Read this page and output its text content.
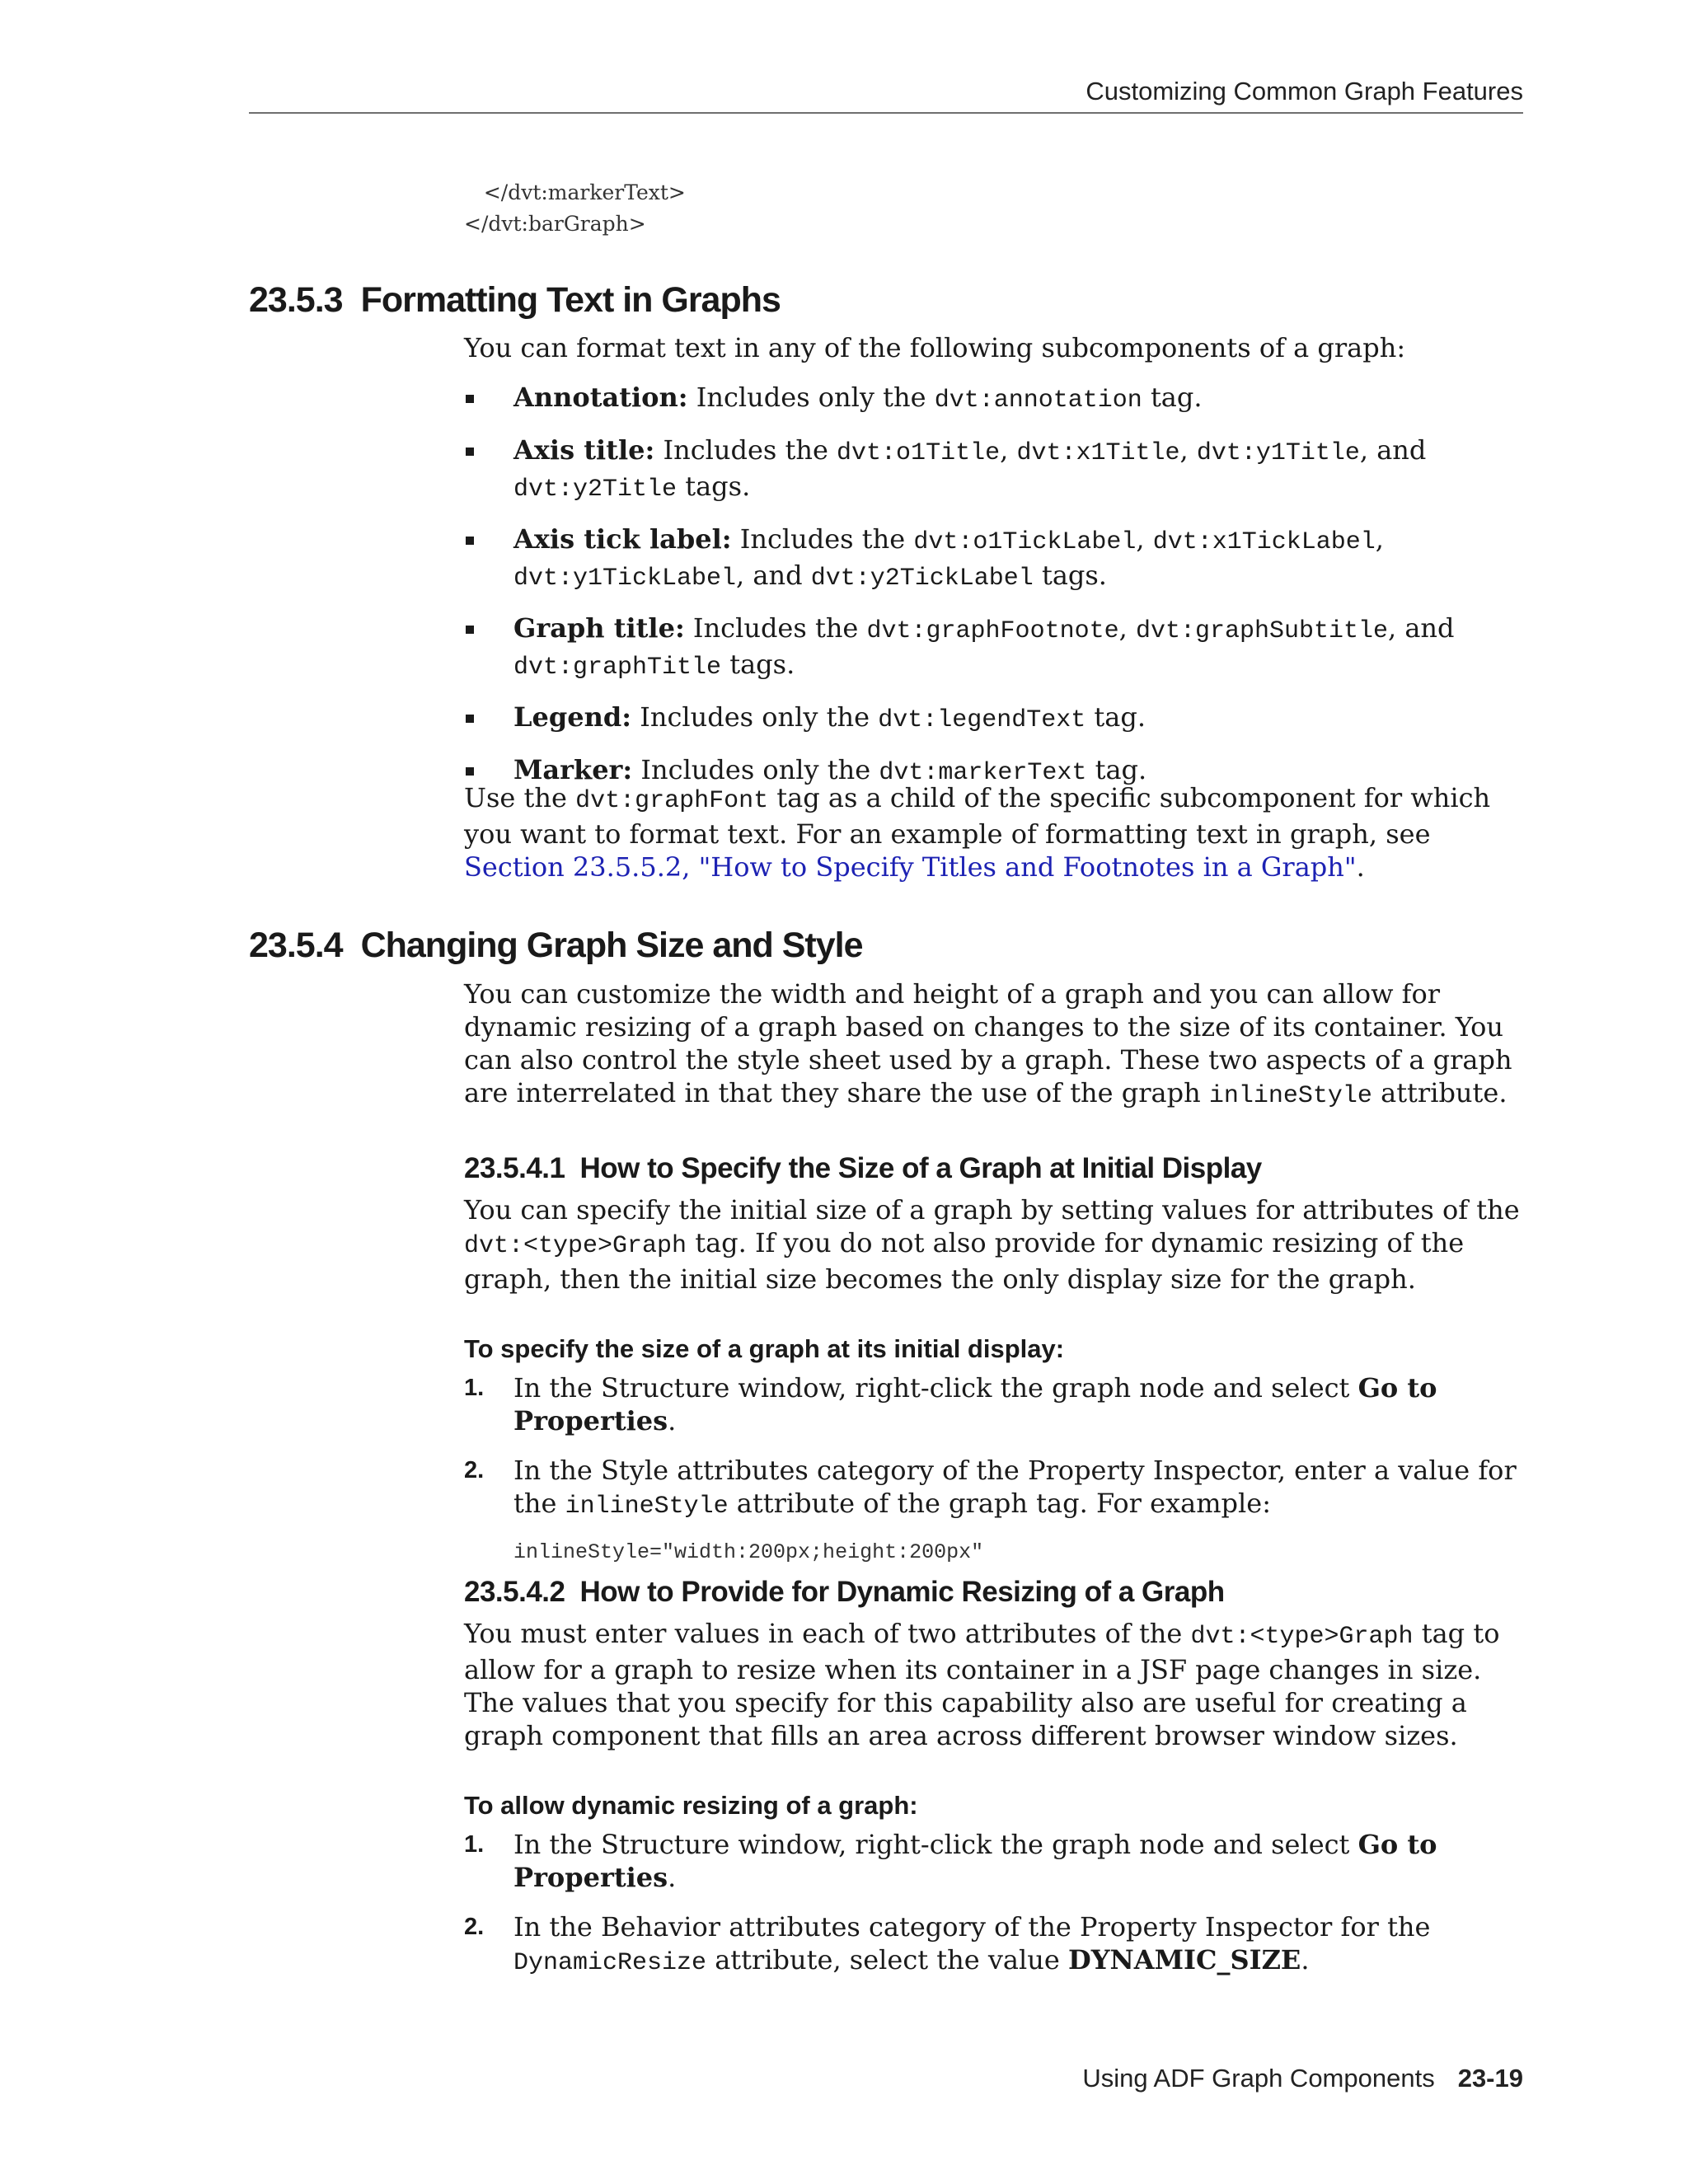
Customizing Common Graph Features
</dvt:markerText>
</dvt:barGraph>
23.5.3 Formatting Text in Graphs

You can format text in any of the following subcomponents of a graph:

Annotation: Includes only the dvt:annotation tag.
Axis title: Includes the dvt:o1Title, dvt:x1Title, dvt:y1Title, and
dvt:y2Title tags.
Axis tick label: Includes the dvt:o1TickLabel, dvt:x1TickLabel,
dvt:y1TickLabel, and dvt:y2TickLabel tags.
Graph title: Includes the dvt:graphFootnote, dvt:graphSubtitle, and
dvt:graphTitle tags.
Legend: Includes only the dvt:legendText tag.
Marker: Includes only the dvt:markerText tag.

Use the dvt:graphFont tag as a child of the specific subcomponent for which you want to format text. For an example of formatting text in graph, see Section 23.5.5.2, "How to Specify Titles and Footnotes in a Graph".

23.5.4 Changing Graph Size and Style

You can customize the width and height of a graph and you can allow for dynamic resizing of a graph based on changes to the size of its container. You can also control the style sheet used by a graph. These two aspects of a graph are interrelated in that they share the use of the graph inlineStyle attribute.

23.5.4.1 How to Specify the Size of a Graph at Initial Display

You can specify the initial size of a graph by setting values for attributes of the dvt:<type>Graph tag. If you do not also provide for dynamic resizing of the graph, then the initial size becomes the only display size for the graph.

To specify the size of a graph at its initial display:

1. In the Structure window, right-click the graph node and select Go to Properties.
2. In the Style attributes category of the Property Inspector, enter a value for the inlineStyle attribute of the graph tag. For example:
inlineStyle="width:200px;height:200px"
23.5.4.2 How to Provide for Dynamic Resizing of a Graph

You must enter values in each of two attributes of the dvt:<type>Graph tag to allow for a graph to resize when its container in a JSF page changes in size. The values that you specify for this capability also are useful for creating a graph component that fills an area across different browser window sizes.

To allow dynamic resizing of a graph:

1. In the Structure window, right-click the graph node and select Go to Properties.
2. In the Behavior attributes category of the Property Inspector for the
DynamicResize attribute, select the value DYNAMIC_SIZE.
Using ADF Graph Components 23-19
